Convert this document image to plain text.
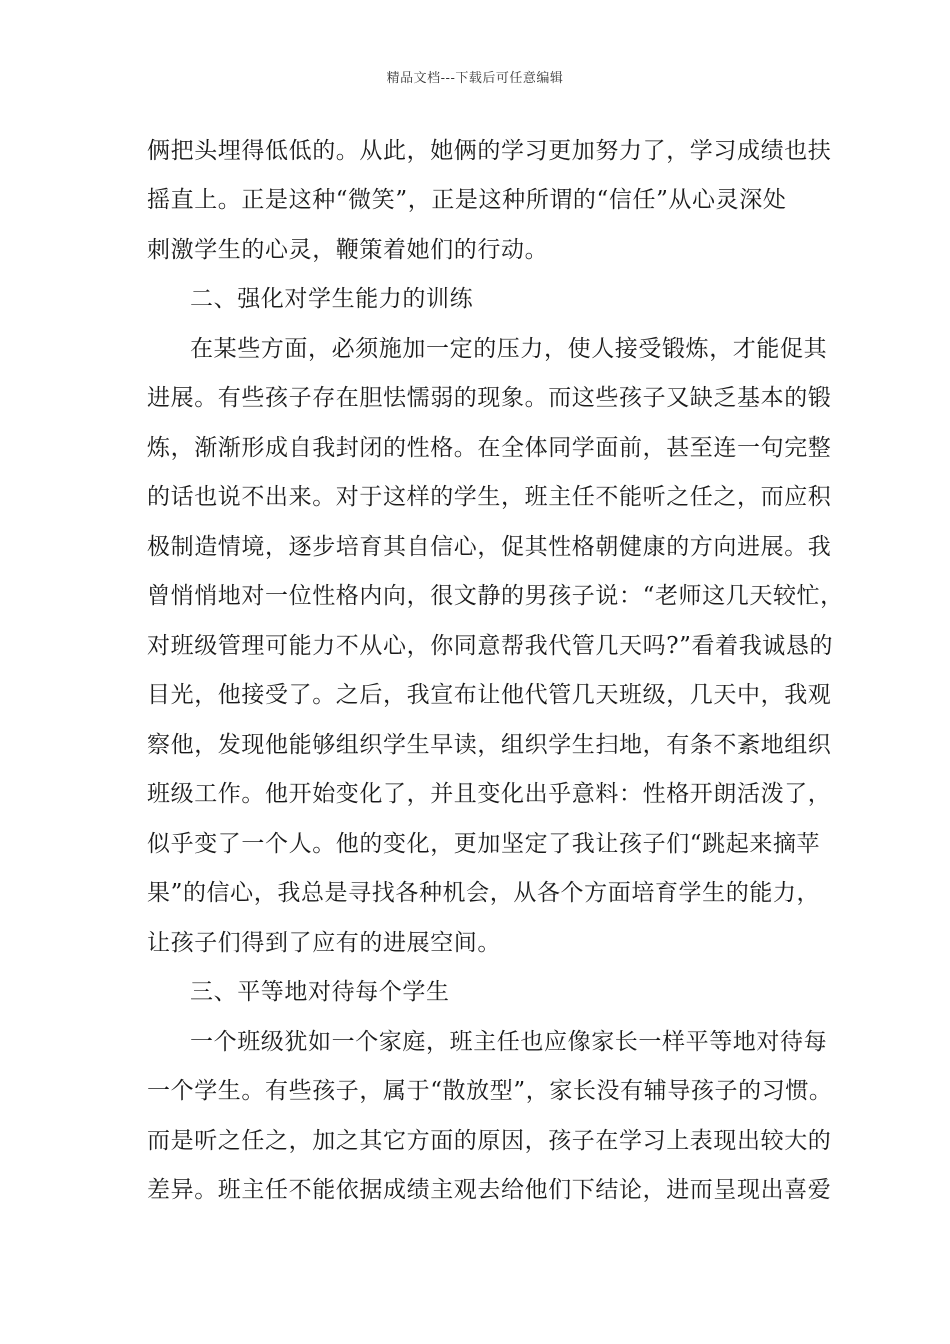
精品文档---下载后可任意编辑
俩把头埋得低低的。从此，她俩的学习更加努力了，学习成绩也扶
摇直上。正是这种“微笑”，正是这种所谓的“信任”从心灵深处
刺激学生的心灵，鞭策着她们的行动。
二、强化对学生能力的训练
在某些方面，必须施加一定的压力，使人接受锻炼，才能促其
进展。有些孩子存在胆怯懦弱的现象。而这些孩子又缺乏基本的锻
炼，渐渐形成自我封闭的性格。在全体同学面前，甚至连一句完整
的话也说不出来。对于这样的学生，班主任不能听之任之，而应积
极制造情境，逐步培育其自信心，促其性格朝健康的方向进展。我
曾悄悄地对一位性格内向，很文静的男孩子说：“老师这几天较忙，
对班级管理可能力不从心，你同意帮我代管几天吗?”看着我诚恳的
目光，他接受了。之后，我宣布让他代管几天班级，几天中，我观
察他，发现他能够组织学生早读，组织学生扫地，有条不紊地组织
班级工作。他开始变化了，并且变化出乎意料：性格开朗活泼了，
似乎变了一个人。他的变化，更加坚定了我让孩子们“跳起来摘苹
果”的信心，我总是寻找各种机会，从各个方面培育学生的能力，
让孩子们得到了应有的进展空间。
三、平等地对待每个学生
一个班级犹如一个家庭，班主任也应像家长一样平等地对待每
一个学生。有些孩子，属于“散放型”，家长没有辅导孩子的习惯。
而是听之任之，加之其它方面的原因，孩子在学习上表现出较大的
差异。班主任不能依据成绩主观去给他们下结论，进而呈现出喜爱
